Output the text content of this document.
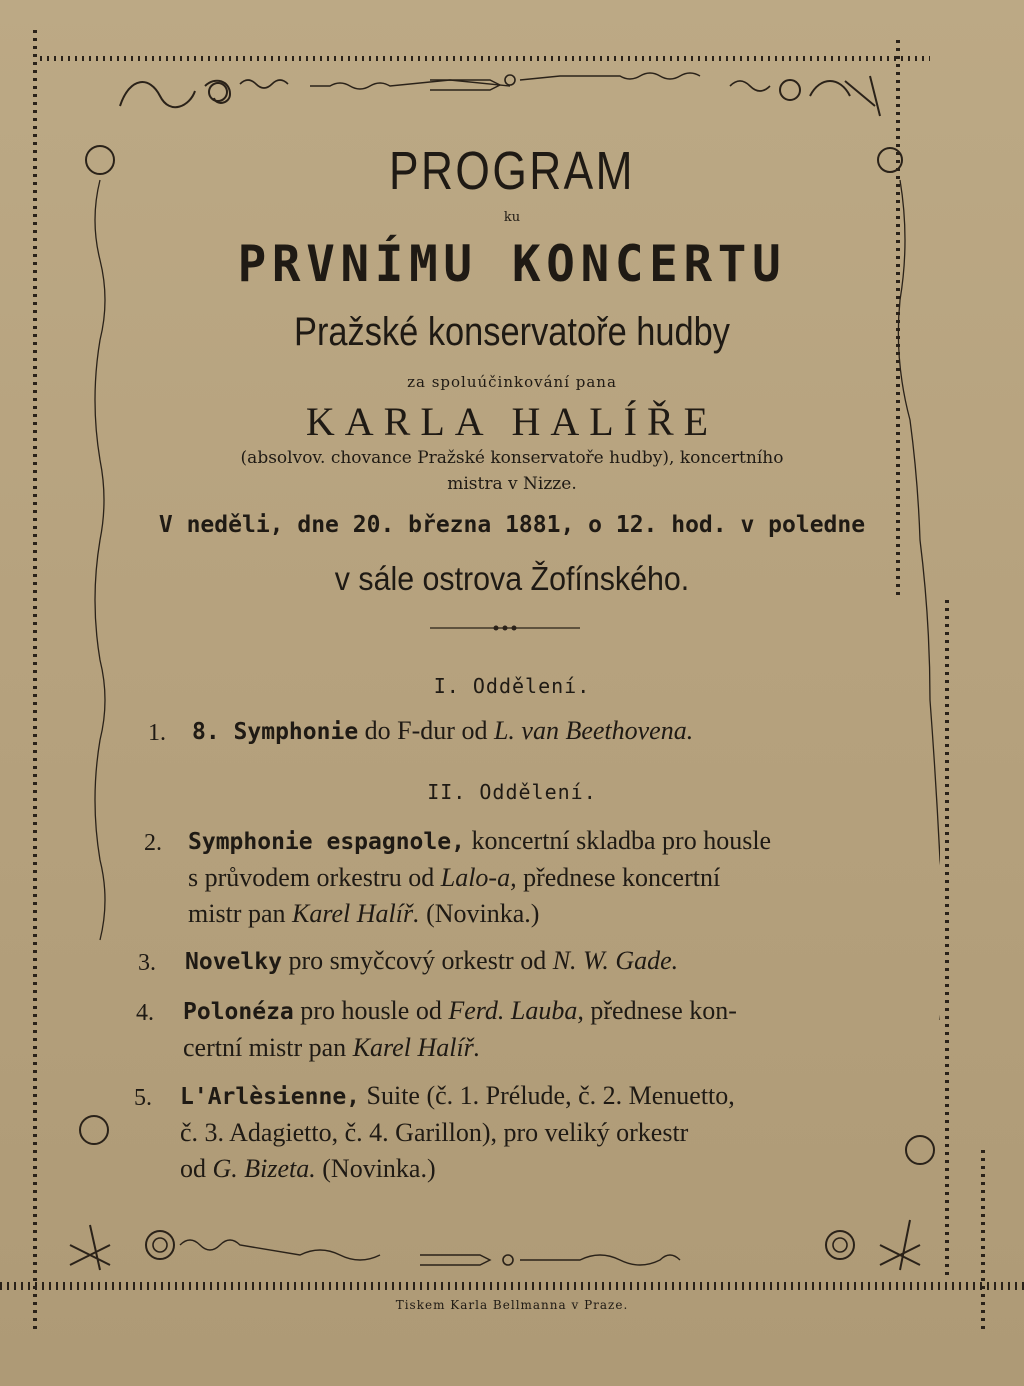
PROGRAM
ku
PRVNÍMU KONCERTU
Pražské konservatoře hudby
za spoluúčinkování pana
KARLA HALÍŘE
(absolvov. chovance Pražské konservatoře hudby), koncertního
mistra v Nizze.
V neděli, dne 20. března 1881, o 12. hod. v poledne
v sále ostrova Žofínského.
I. Oddělení.
1. 8. Symphonie do F-dur od L. van Beethovena.
II. Oddělení.
2. Symphonie espagnole, koncertní skladba pro housle
s průvodem orkestru od Lalo-a, přednese koncertní
mistr pan Karel Halíř. (Novinka.)
3. Novelky pro smyčcový orkestr od N. W. Gade.
4. Polonéza pro housle od Ferd. Lauba, přednese kon-
certní mistr pan Karel Halíř.
5. L'Arlèsienne, Suite (č. 1. Prélude, č. 2. Menuetto,
č. 3. Adagietto, č. 4. Garillon), pro veliký orkestr
od G. Bizeta. (Novinka.)
Tiskem Karla Bellmanna v Praze.
